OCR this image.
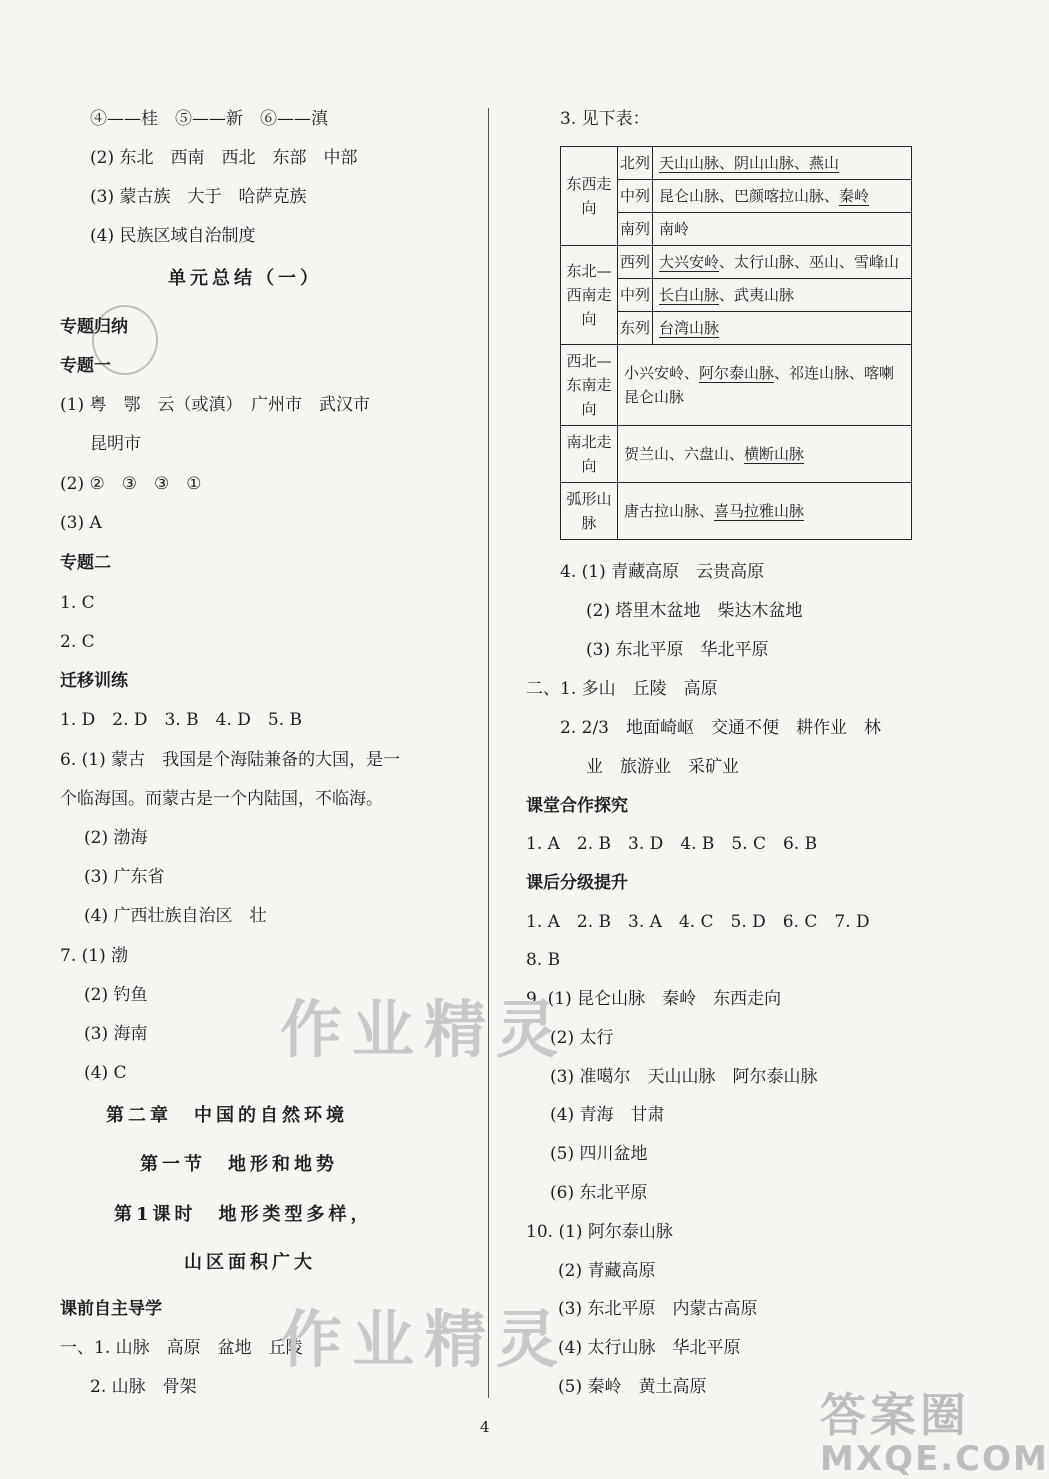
④——桂　⑤——新　⑥——滇
(2) 东北　西南　西北　东部　中部
(3) 蒙古族　大于　哈萨克族
(4) 民族区域自治制度
单元总结（一）
专题归纳
专题一
(1) 粤　鄂　云（或滇）　广州市　武汉市
昆明市
(2) ②　③　③　①
(3) A
专题二
1. C
2. C
迁移训练
1. D　2. D　3. B　4. D　5. B
6. (1) 蒙古　我国是个海陆兼备的大国，是一
个临海国。而蒙古是一个内陆国，不临海。
(2) 渤海
(3) 广东省
(4) 广西壮族自治区　壮
7. (1) 渤
(2) 钓鱼
(3) 海南
(4) C
第二章　中国的自然环境
第一节　地形和地势
第1课时　地形类型多样，
山区面积广大
课前自主导学
一、1. 山脉　高原　盆地　丘陵
2. 山脉　骨架
3. 见下表：
东西走向	北列	天山山脉、阴山山脉、燕山
	中列	昆仑山脉、巴颜喀拉山脉、秦岭
	南列	南岭
东北—西南走向	西列	大兴安岭、太行山脉、巫山、雪峰山
	中列	长白山脉、武夷山脉
	东列	台湾山脉
西北—东南走向	小兴安岭、阿尔泰山脉、祁连山脉、喀喇昆仑山脉	
南北走向	贺兰山、六盘山、横断山脉	
弧形山脉	唐古拉山脉、喜马拉雅山脉	
4. (1) 青藏高原　云贵高原
(2) 塔里木盆地　柴达木盆地
(3) 东北平原　华北平原
二、1. 多山　丘陵　高原
2. 2/3　地面崎岖　交通不便　耕作业　林
业　旅游业　采矿业
课堂合作探究
1. A　2. B　3. D　4. B　5. C　6. B
课后分级提升
1. A　2. B　3. A　4. C　5. D　6. C　7. D
8. B
9. (1) 昆仑山脉　秦岭　东西走向
(2) 太行
(3) 准噶尔　天山山脉　阿尔泰山脉
(4) 青海　甘肃
(5) 四川盆地
(6) 东北平原
10. (1) 阿尔泰山脉
(2) 青藏高原
(3) 东北平原　内蒙古高原
(4) 太行山脉　华北平原
(5) 秦岭　黄土高原
作业精灵
作业精灵
4	答案圈
MXQE.COM
